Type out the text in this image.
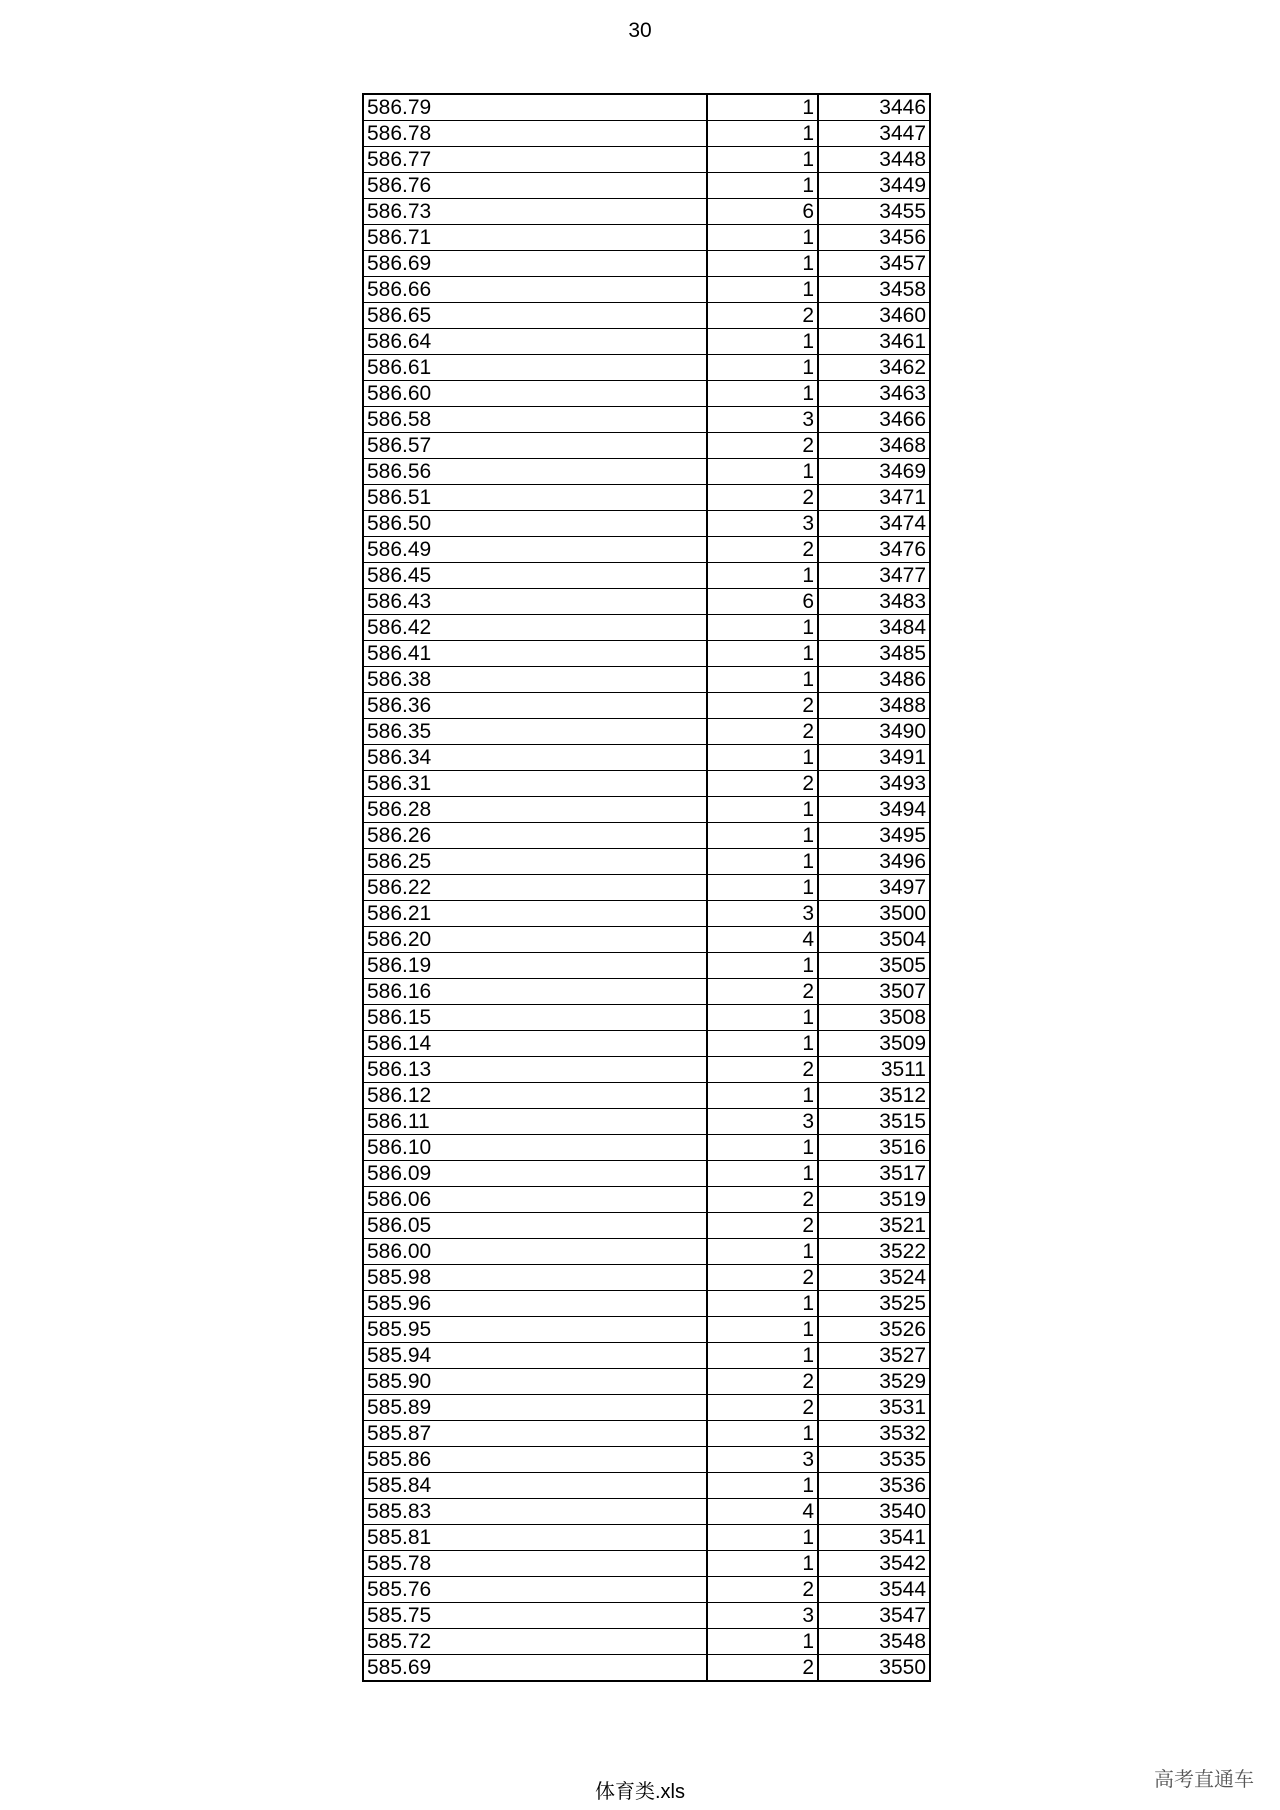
30
586.79	1	3446
586.78	1	3447
586.77	1	3448
586.76	1	3449
586.73	6	3455
586.71	1	3456
586.69	1	3457
586.66	1	3458
586.65	2	3460
586.64	1	3461
586.61	1	3462
586.60	1	3463
586.58	3	3466
586.57	2	3468
586.56	1	3469
586.51	2	3471
586.50	3	3474
586.49	2	3476
586.45	1	3477
586.43	6	3483
586.42	1	3484
586.41	1	3485
586.38	1	3486
586.36	2	3488
586.35	2	3490
586.34	1	3491
586.31	2	3493
586.28	1	3494
586.26	1	3495
586.25	1	3496
586.22	1	3497
586.21	3	3500
586.20	4	3504
586.19	1	3505
586.16	2	3507
586.15	1	3508
586.14	1	3509
586.13	2	3511
586.12	1	3512
586.11	3	3515
586.10	1	3516
586.09	1	3517
586.06	2	3519
586.05	2	3521
586.00	1	3522
585.98	2	3524
585.96	1	3525
585.95	1	3526
585.94	1	3527
585.90	2	3529
585.89	2	3531
585.87	1	3532
585.86	3	3535
585.84	1	3536
585.83	4	3540
585.81	1	3541
585.78	1	3542
585.76	2	3544
585.75	3	3547
585.72	1	3548
585.69	2	3550
体育类.xls
高考直通车
